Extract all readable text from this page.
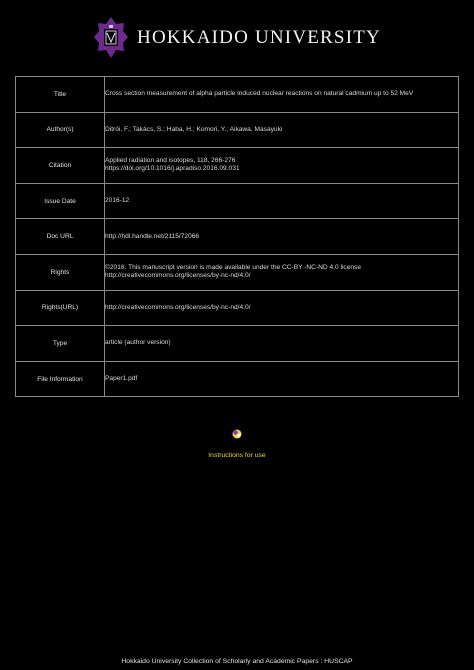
HOKKAIDO UNIVERSITY
Title	Cross section measurement of alpha particle induced nuclear reactions on natural cadmium up to 52 MeV
Author(s)	Ditrói, F.; Takács, S.; Haba, H.; Komori, Y.; Aikawa, Masayuki
Citation	Applied radiation and isotopes, 118, 266-276
https://doi.org/10.1016/j.apradiso.2016.09.031

Issue Date	2016-12
Doc URL	http://hdl.handle.net/2115/72066
Rights	©2016. This manuscript version is made available under the CC-BY -NC-ND 4.0 license
http://creativecommons.org/licenses/by-nc-nd/4.0/

Rights(URL)	http://creativecommons.org/licenses/by-nc-nd/4.0/
Type	article (author version)
File Information	Paper1.pdf
Instructions for use
Hokkaido University Collection of Scholarly and Academic Papers : HUSCAP
